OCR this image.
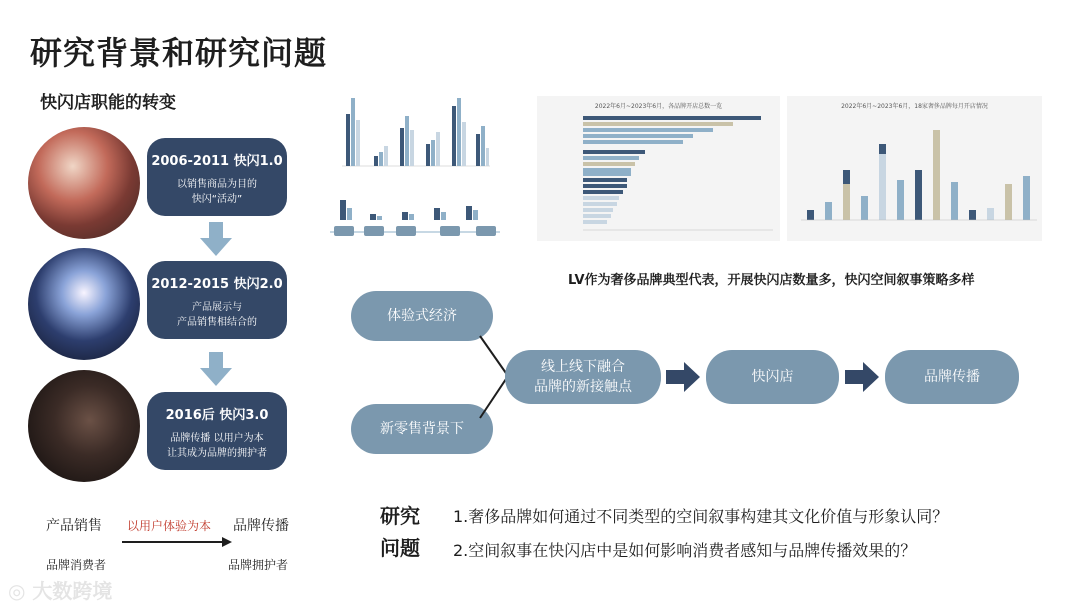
研究背景和研究问题
快闪店职能的转变
2006-2011 快闪1.0
以销售商品为目的
快闪“活动”
2012-2015 快闪2.0
产品展示与
产品销售相结合的
2016后 快闪3.0
品牌传播 以用户为本
让其成为品牌的拥护者
产品销售 以用户体验为本 品牌传播
品牌消费者	品牌拥护者
◎ 大数跨境
2022年6月~2023年6月，各品牌开店总数一览	2022年6月~2023年6月，18家奢侈品牌每月开店情况
LV作为奢侈品牌典型代表，开展快闪店数量多，快闪空间叙事策略多样
体验式经济
新零售背景下
线上线下融合
品牌的新接触点
快闪店	品牌传播
研究
问题
1.奢侈品牌如何通过不同类型的空间叙事构建其文化价值与形象认同？
2.空间叙事在快闪店中是如何影响消费者感知与品牌传播效果的？
